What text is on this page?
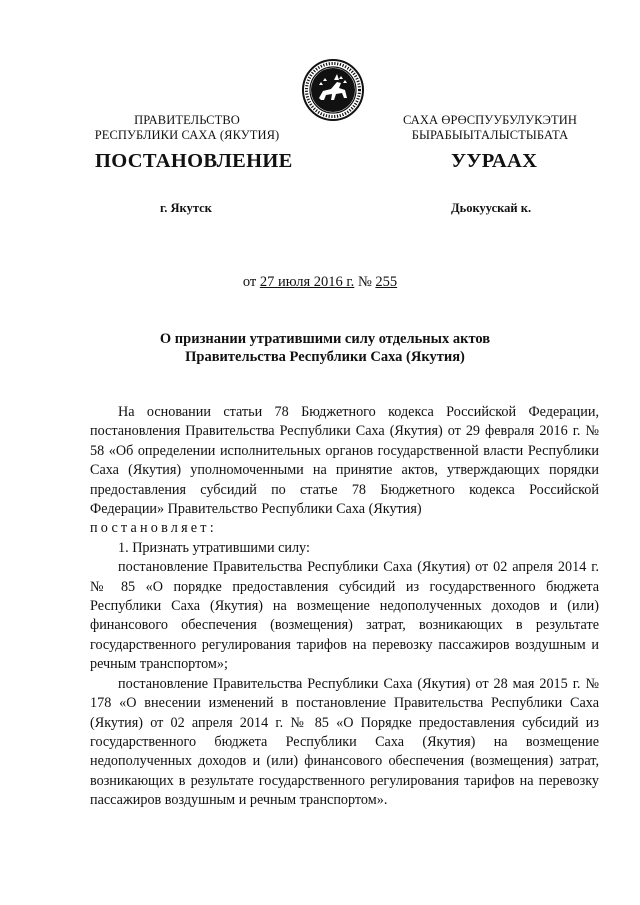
ПРАВИТЕЛЬСТВО
РЕСПУБЛИКИ САХА (ЯКУТИЯ)
САХА ӨРӨСПУУБУЛУКЭТИН
БЫРАБЫЫТАЛЫСТЫБАТА
ПОСТАНОВЛЕНИЕ	УУРААХ
г. Якутск	Дьокуускай к.
от 27 июля 2016 г. № 255
О признании утратившими силу отдельных актов
Правительства Республики Саха (Якутия)

На основании статьи 78 Бюджетного кодекса Российской Федерации, постановления Правительства Республики Саха (Якутия) от 29 февраля 2016 г. № 58 «Об определении исполнительных органов государственной власти Республики Саха (Якутия) уполномоченными на принятие актов, утверждающих порядки предоставления субсидий по статье 78 Бюджетного кодекса Российской Федерации» Правительство Республики Саха (Якутия)

постановляет:

1. Признать утратившими силу:

постановление Правительства Республики Саха (Якутия) от 02 апреля 2014 г. № 85 «О порядке предоставления субсидий из государственного бюджета Республики Саха (Якутия) на возмещение недополученных доходов и (или) финансового обеспечения (возмещения) затрат, возникающих в результате государственного регулирования тарифов на перевозку пассажиров воздушным и речным транспортом»;

постановление Правительства Республики Саха (Якутия) от 28 мая 2015 г. № 178 «О внесении изменений в постановление Правительства Республики Саха (Якутия) от 02 апреля 2014 г. № 85 «О Порядке предоставления субсидий из государственного бюджета Республики Саха (Якутия) на возмещение недополученных доходов и (или) финансового обеспечения (возмещения) затрат, возникающих в результате государственного регулирования тарифов на перевозку пассажиров воздушным и речным транспортом».
